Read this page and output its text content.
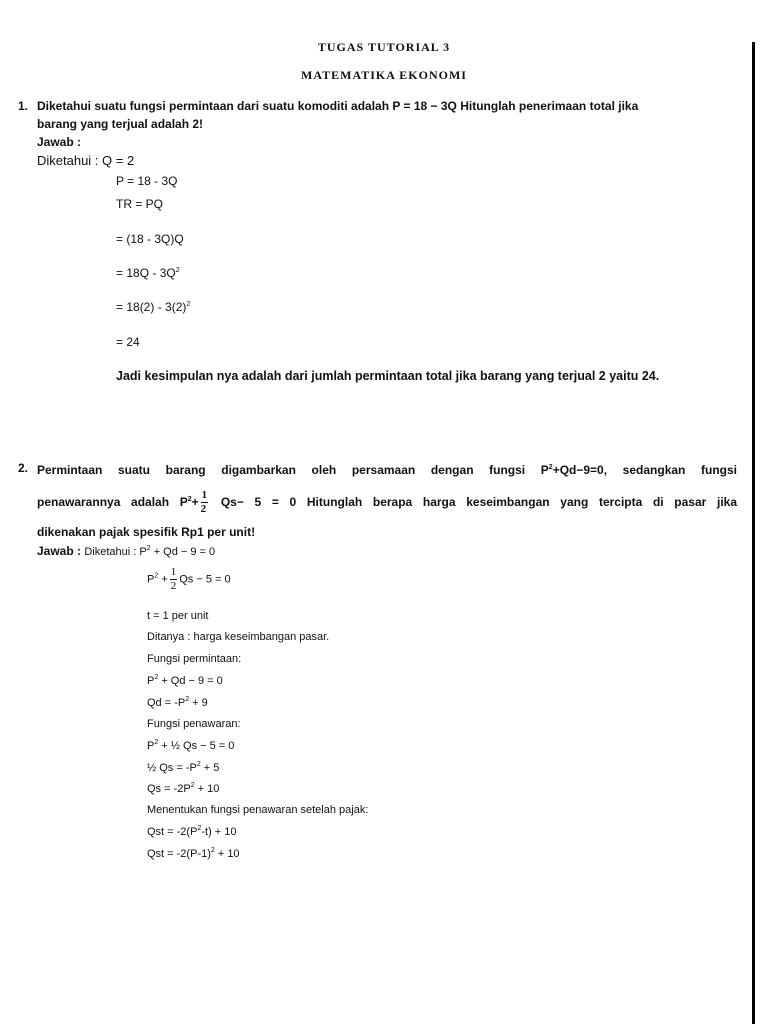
TUGAS TUTORIAL 3
MATEMATIKA EKONOMI
1. Diketahui suatu fungsi permintaan dari suatu komoditi adalah P = 18 − 3Q Hitunglah penerimaan total jika
barang yang terjual adalah 2!
Jawab :
Diketahui : Q = 2
P = 18 - 3Q
TR = PQ
= (18 - 3Q)Q
= $18Q - 3Q^2$
= $18(2) - 3(2)^2$
= 24
Jadi kesimpulan nya adalah dari jumlah permintaan total jika barang yang terjual 2 yaitu 24.
2. Permintaan suatu barang digambarkan oleh persamaan dengan fungsi $P^2+Qd-9=0$, sedangkan fungsi
penawarannya adalah $P^2+ \frac{1}{2} Qs- 5 = 0$ Hitunglah berapa harga keseimbangan yang tercipta di pasar jika
dikenakan pajak spesifik Rp1 per unit!
Jawab : Diketahui : $P^2 + Qd - 9 = 0$
$P^2 + \frac{1}{2}$ Qs − 5 = 0
t = 1 per unit
Ditanya : harga keseimbangan pasar.
Fungsi permintaan:
$P^2 + Qd - 9 = 0$
$Qd = -P^2 + 9$
Fungsi penawaran:
$P^2$ + ½ Qs − 5 = 0
½ $Qs = -P^2 + 5$
$Qs = -2P^2 + 10$
Menentukan fungsi penawaran setelah pajak:
Qst = $-2(P^2-t) + 10$
Qst = $-2(P-1)^2 + 10$
